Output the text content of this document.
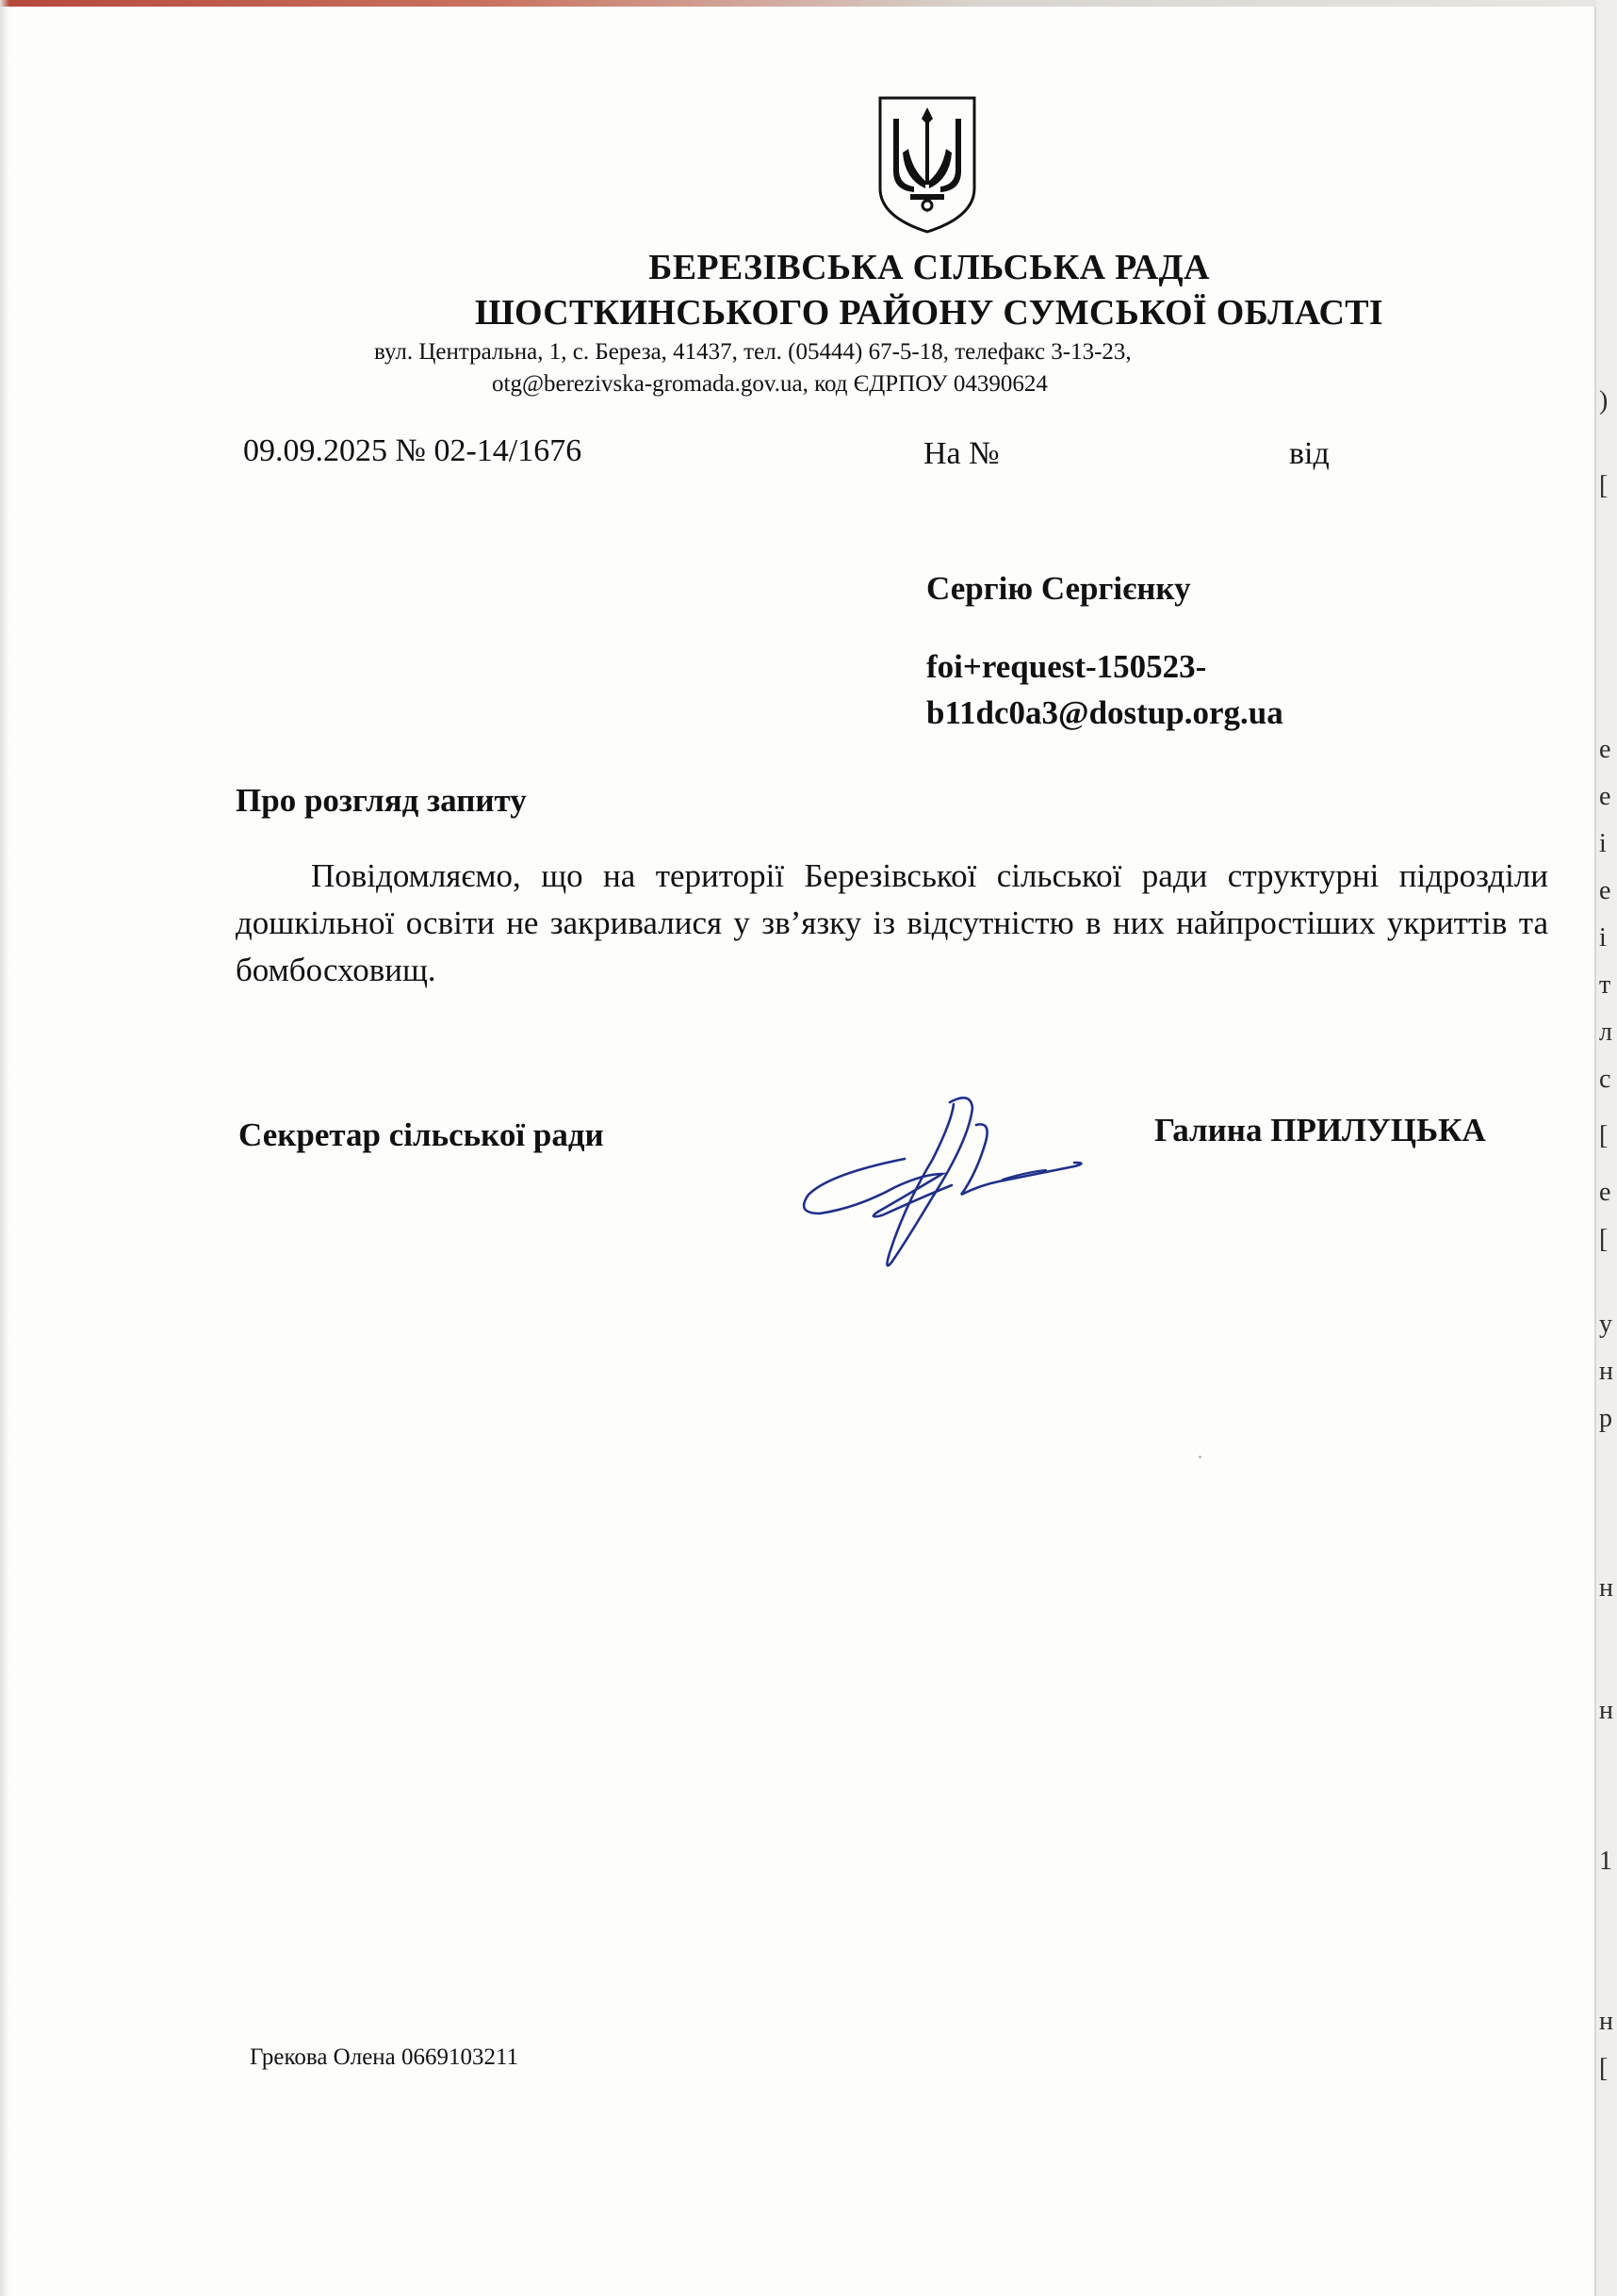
БЕРЕЗІВСЬКА СІЛЬСЬКА РАДА
ШОСТКИНСЬКОГО РАЙОНУ СУМСЬКОЇ ОБЛАСТІ
вул. Центральна, 1, с. Береза, 41437, тел. (05444) 67-5-18, телефакс 3-13-23,
otg@berezivska-gromada.gov.ua, код ЄДРПОУ 04390624
09.09.2025 № 02-14/1676	На №	від
Сергію Сергієнку
foi+request-150523-
b11dc0a3@dostup.org.ua
Про розгляд запиту
Повідомляємо, що на території Березівської сільської ради структурні підрозділи дошкільної освіти не закривалися у зв’язку із відсутністю в них найпростіших укриттів та бомбосховищ.
Секретар сільської ради	Галина ПРИЛУЦЬКА
Грекова Олена 0669103211
)
[
е
е
і
е
і
т
л
с
[
е
[
у
н
р
н
н
1
н
[
